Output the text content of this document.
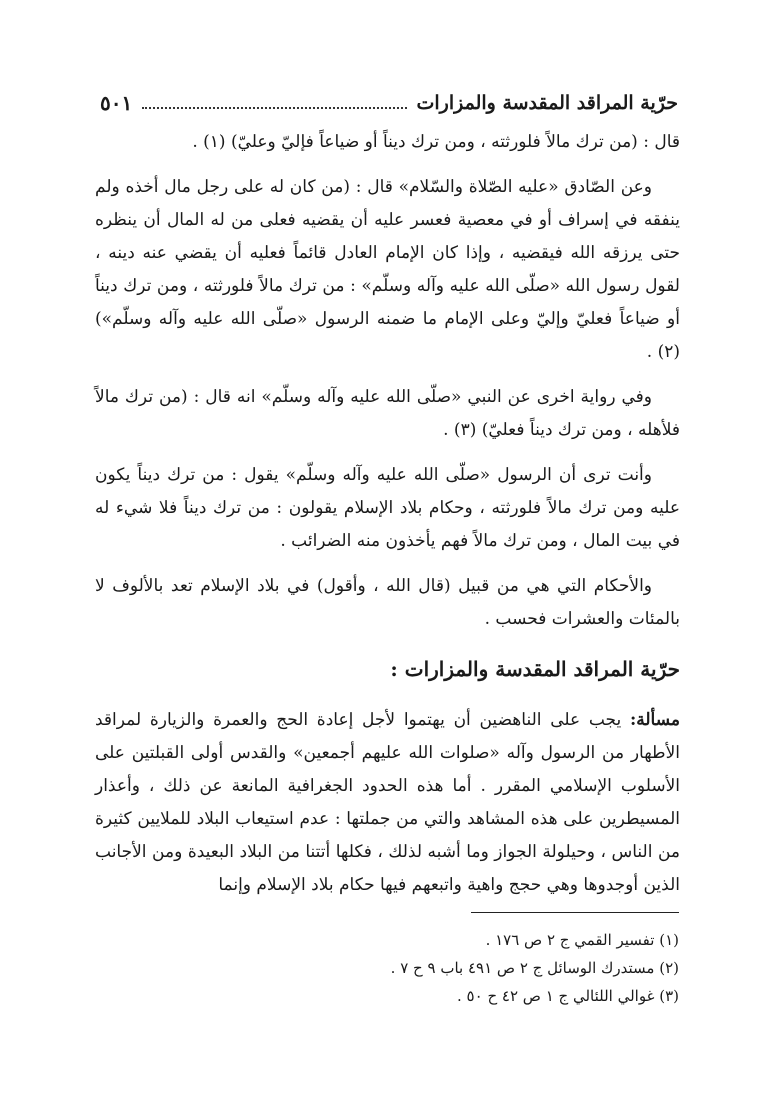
حرّية المراقد المقدسة والمزارات
٥٠١

قال : (من ترك مالاً فلورثته ، ومن ترك ديناً أو ضياعاً فإليّ وعليّ) (١) .

وعن الصّادق «عليه الصّلاة والسّلام» قال : (من كان له على رجل مال أخذه ولم ينفقه في إسراف أو في معصية فعسر عليه أن يقضيه فعلى من له المال أن ينظره حتى يرزقه الله فيقضيه ، وإذا كان الإمام العادل قائماً فعليه أن يقضي عنه دينه ، لقول رسول الله «صلّى الله عليه وآله وسلّم» : من ترك مالاً فلورثته ، ومن ترك ديناً أو ضياعاً فعليّ وإليّ وعلى الإمام ما ضمنه الرسول «صلّى الله عليه وآله وسلّم») (٢) .

وفي رواية اخرى عن النبي «صلّى الله عليه وآله وسلّم» انه قال : (من ترك مالاً فلأهله ، ومن ترك ديناً فعليّ) (٣) .

وأنت ترى أن الرسول «صلّى الله عليه وآله وسلّم» يقول : من ترك ديناً يكون عليه ومن ترك مالاً فلورثته ، وحكام بلاد الإسلام يقولون : من ترك ديناً فلا شيء له في بيت المال ، ومن ترك مالاً فهم يأخذون منه الضرائب .

والأحكام التي هي من قبيل (قال الله ، وأقول) في بلاد الإسلام تعد بالألوف لا بالمئات والعشرات فحسب .

حرّية المراقد المقدسة والمزارات :

مسألة: يجب على الناهضين أن يهتموا لأجل إعادة الحج والعمرة والزيارة لمراقد الأطهار من الرسول وآله «صلوات الله عليهم أجمعين» والقدس أولى القبلتين على الأسلوب الإسلامي المقرر . أما هذه الحدود الجغرافية المانعة عن ذلك ، وأعذار المسيطرين على هذه المشاهد والتي من جملتها : عدم استيعاب البلاد للملايين كثيرة من الناس ، وحيلولة الجواز وما أشبه لذلك ، فكلها أتتنا من البلاد البعيدة ومن الأجانب الذين أوجدوها وهي حجج واهية واتبعهم فيها حكام بلاد الإسلام وإنما

(١) تفسير القمي ج ٢ ص ١٧٦ .
(٢) مستدرك الوسائل ج ٢ ص ٤٩١ باب ٩ ح ٧ .
(٣) غوالي اللئالي ج ١ ص ٤٢ ح ٥٠ .
